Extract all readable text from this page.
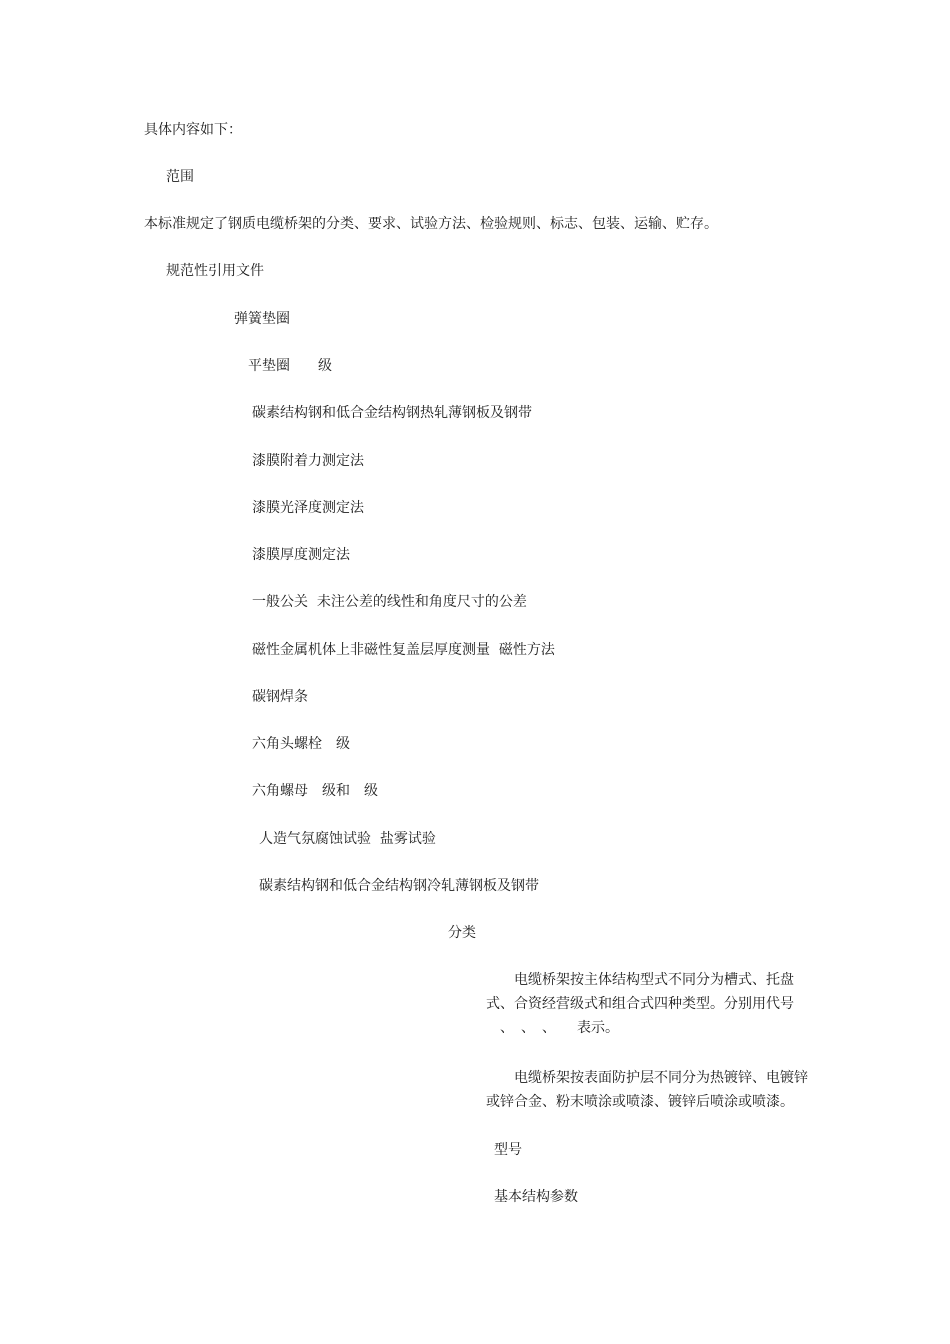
具体内容如下：

范围

本标准规定了钢质电缆桥架的分类、要求、试验方法、检验规则、标志、包装、运输、贮存。

规范性引用文件

弹簧垫圈

平垫圈　　级

碳素结构钢和低合金结构钢热轧薄钢板及钢带

漆膜附着力测定法

漆膜光泽度测定法

漆膜厚度测定法

一般公关  未注公差的线性和角度尺寸的公差

磁性金属机体上非磁性复盖层厚度测量  磁性方法

碳钢焊条

六角头螺栓　级

六角螺母　级和　级

人造气氛腐蚀试验  盐雾试验

碳素结构钢和低合金结构钢冷轧薄钢板及钢带

分类

　　电缆桥架按主体结构型式不同分为槽式、托盘
式、合资经营级式和组合式四种类型。分别用代号
　、　、　、　　表示。
　　电缆桥架按表面防护层不同分为热镀锌、电镀锌
或锌合金、粉末喷涂或喷漆、镀锌后喷涂或喷漆。

型号

基本结构参数
